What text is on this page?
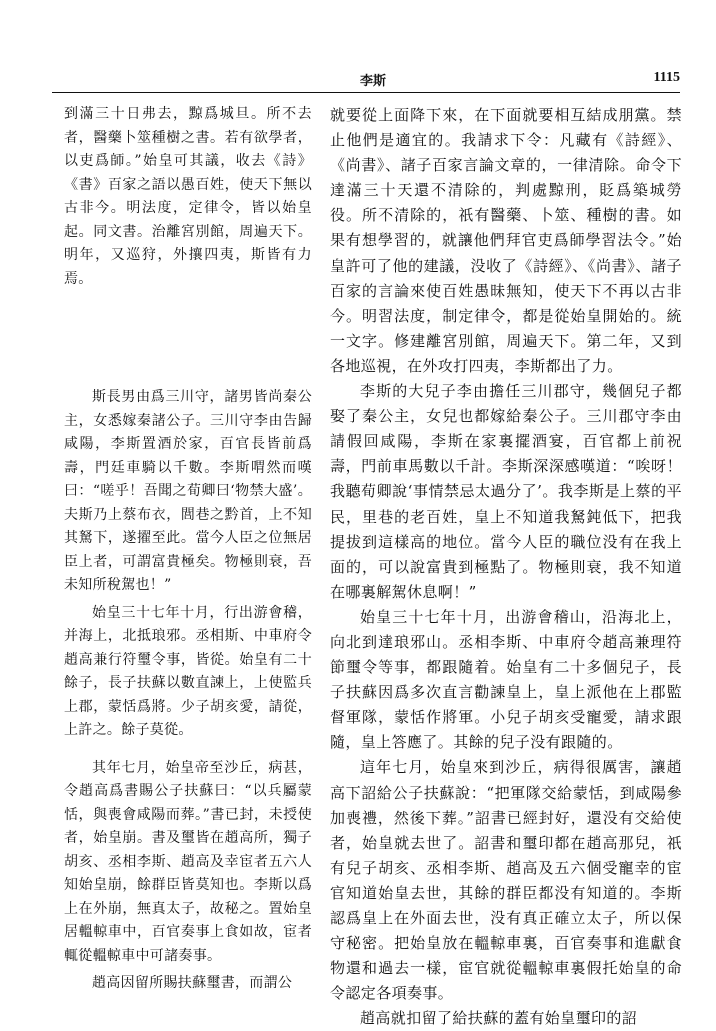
李斯	1115

到滿三十日弗去，黥爲城旦。所不去者，醫藥卜筮種樹之書。若有欲學者，以吏爲師。”始皇可其議，收去《詩》《書》百家之語以愚百姓，使天下無以古非今。明法度，定律令，皆以始皇起。同文書。治離宮別館，周遍天下。明年，又巡狩，外攘四夷，斯皆有力焉。

斯長男由爲三川守，諸男皆尚秦公主，女悉嫁秦諸公子。三川守李由告歸咸陽，李斯置酒於家，百官長皆前爲壽，門廷車騎以千數。李斯喟然而嘆曰：“嗟乎！吾聞之荀卿曰‘物禁大盛’。夫斯乃上蔡布衣，閭巷之黔首，上不知其駑下，遂擢至此。當今人臣之位無居臣上者，可謂富貴極矣。物極則衰，吾未知所稅駕也！”

始皇三十七年十月，行出游會稽，并海上，北抵琅邪。丞相斯、中車府令趙高兼行符璽令事，皆從。始皇有二十餘子，長子扶蘇以數直諫上，上使監兵上郡，蒙恬爲將。少子胡亥愛，請從，上許之。餘子莫從。

其年七月，始皇帝至沙丘，病甚，令趙高爲書賜公子扶蘇曰：“以兵屬蒙恬，與喪會咸陽而葬。”書已封，未授使者，始皇崩。書及璽皆在趙高所，獨子胡亥、丞相李斯、趙高及幸宦者五六人知始皇崩，餘群臣皆莫知也。李斯以爲上在外崩，無真太子，故秘之。置始皇居轀輬車中，百官奏事上食如故，宦者輒從轀輬車中可諸奏事。

趙高因留所賜扶蘇璽書，而謂公

就要從上面降下來，在下面就要相互結成朋黨。禁止他們是適宜的。我請求下令：凡藏有《詩經》、《尚書》、諸子百家言論文章的，一律清除。命令下達滿三十天還不清除的，判處黥刑，貶爲築城勞役。所不清除的，祇有醫藥、卜筮、種樹的書。如果有想學習的，就讓他們拜官吏爲師學習法令。”始皇許可了他的建議，没收了《詩經》、《尚書》、諸子百家的言論來使百姓愚昧無知，使天下不再以古非今。明習法度，制定律令，都是從始皇開始的。統一文字。修建離宮別館，周遍天下。第二年，又到各地巡視，在外攻打四夷，李斯都出了力。

李斯的大兒子李由擔任三川郡守，幾個兒子都娶了秦公主，女兒也都嫁給秦公子。三川郡守李由請假回咸陽，李斯在家裏擺酒宴，百官都上前祝壽，門前車馬數以千計。李斯深深感嘆道：“唉呀！我聽荀卿說‘事情禁忌太過分了’。我李斯是上蔡的平民，里巷的老百姓，皇上不知道我駑鈍低下，把我提拔到這樣高的地位。當今人臣的職位没有在我上面的，可以說富貴到極點了。物極則衰，我不知道在哪裏解駕休息啊！”

始皇三十七年十月，出游會稽山，沿海北上，向北到達琅邪山。丞相李斯、中車府令趙高兼理符節璽令等事，都跟隨着。始皇有二十多個兒子，長子扶蘇因爲多次直言勸諫皇上，皇上派他在上郡監督軍隊，蒙恬作將軍。小兒子胡亥受寵愛，請求跟隨，皇上答應了。其餘的兒子没有跟隨的。

這年七月，始皇來到沙丘，病得很厲害，讓趙高下詔給公子扶蘇說：“把軍隊交給蒙恬，到咸陽參加喪禮，然後下葬。”詔書已經封好，還没有交給使者，始皇就去世了。詔書和璽印都在趙高那兒，祇有兒子胡亥、丞相李斯、趙高及五六個受寵幸的宦官知道始皇去世，其餘的群臣都没有知道的。李斯認爲皇上在外面去世，没有真正確立太子，所以保守秘密。把始皇放在轀輬車裏，百官奏事和進獻食物還和過去一樣，宦官就從轀輬車裏假托始皇的命令認定各項奏事。

趙高就扣留了給扶蘇的蓋有始皇璽印的詔
